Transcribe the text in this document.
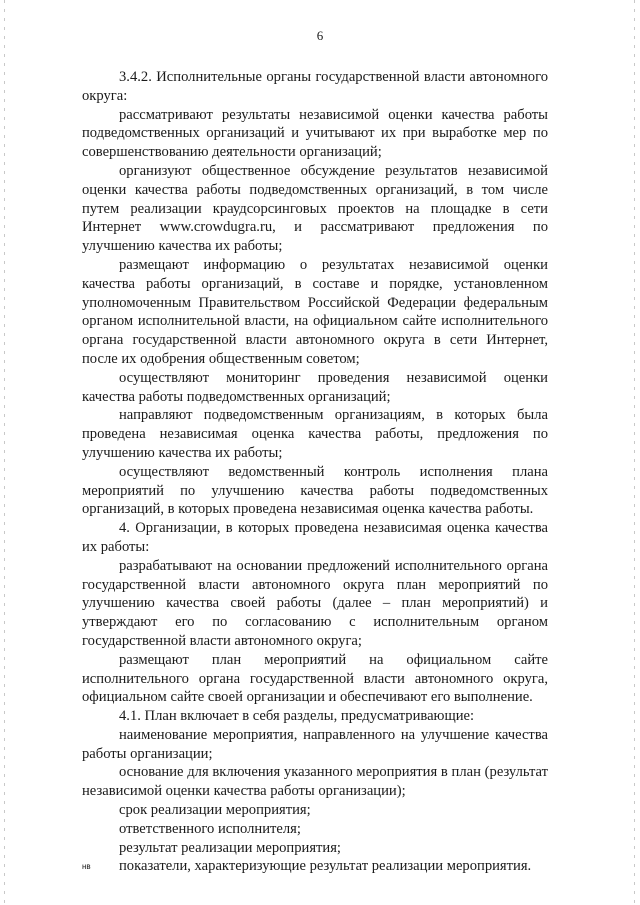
6

3.4.2. Исполнительные органы государственной власти автономного округа:

рассматривают результаты независимой оценки качества работы подведомственных организаций и учитывают их при выработке мер по совершенствованию деятельности организаций;

организуют общественное обсуждение результатов независимой оценки качества работы подведомственных организаций, в том числе путем реализации краудсорсинговых проектов на площадке в сети Интернет www.crowdugra.ru, и рассматривают предложения по улучшению качества их работы;

размещают информацию о результатах независимой оценки качества работы организаций, в составе и порядке, установленном уполномоченным Правительством Российской Федерации федеральным органом исполнительной власти, на официальном сайте исполнительного органа государственной власти автономного округа в сети Интернет, после их одобрения общественным советом;

осуществляют мониторинг проведения независимой оценки качества работы подведомственных организаций;

направляют подведомственным организациям, в которых была проведена независимая оценка качества работы, предложения по улучшению качества их работы;

осуществляют ведомственный контроль исполнения плана мероприятий по улучшению качества работы подведомственных организаций, в которых проведена независимая оценка качества работы.

4. Организации, в которых проведена независимая оценка качества их работы:

разрабатывают на основании предложений исполнительного органа государственной власти автономного округа план мероприятий по улучшению качества своей работы (далее – план мероприятий) и утверждают его по согласованию с исполнительным органом государственной власти автономного округа;

размещают план мероприятий на официальном сайте исполнительного органа государственной власти автономного округа, официальном сайте своей организации и обеспечивают его выполнение.

4.1. План включает в себя разделы, предусматривающие:

наименование мероприятия, направленного на улучшение качества работы организации;

основание для включения указанного мероприятия в план (результат независимой оценки качества работы организации);

срок реализации мероприятия;

ответственного исполнителя;

результат реализации мероприятия;

показатели, характеризующие результат реализации мероприятия.

нв
